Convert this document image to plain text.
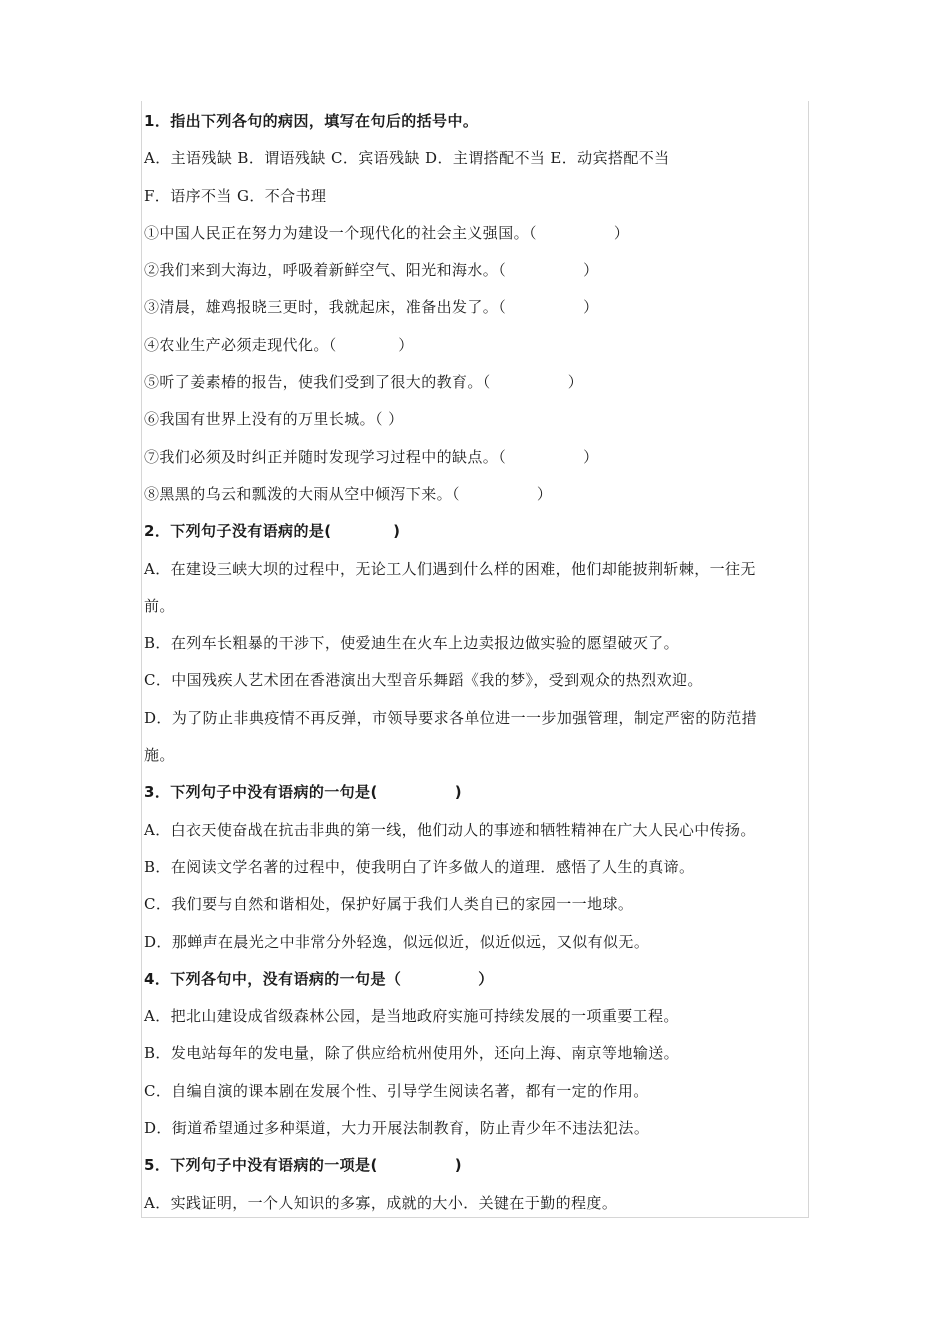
1．指出下列各句的病因，填写在句后的括号中。
A．主语残缺 B．谓语残缺 C．宾语残缺 D．主谓搭配不当 E．动宾搭配不当
F．语序不当 G．不合书理
①中国人民正在努力为建设一个现代化的社会主义强国。（　　　　　）
②我们来到大海边，呼吸着新鲜空气、阳光和海水。（　　　　　）
③清晨，雄鸡报晓三更时，我就起床，准备出发了。（　　　　　）
④农业生产必须走现代化。（　　　　）
⑤听了姜素椿的报告，使我们受到了很大的教育。（　　　　　）
⑥我国有世界上没有的万里长城。（ ）
⑦我们必须及时纠正并随时发现学习过程中的缺点。（　　　　　）
⑧黑黑的乌云和瓢泼的大雨从空中倾泻下来。（　　　　　）
2．下列句子没有语病的是(　　　　)
A．在建设三峡大坝的过程中，无论工人们遇到什么样的困难，他们却能披荆斩棘，一往无
前。
B．在列车长粗暴的干涉下，使爱迪生在火车上边卖报边做实验的愿望破灭了。
C．中国残疾人艺术团在香港演出大型音乐舞蹈《我的梦》，受到观众的热烈欢迎。
D．为了防止非典疫情不再反弹，市领导要求各单位进一一步加强管理，制定严密的防范措
施。
3．下列句子中没有语病的一句是(　　　　　)
A．白衣天使奋战在抗击非典的第一线，他们动人的事迹和牺牲精神在广大人民心中传扬。
B．在阅读文学名著的过程中，使我明白了许多做人的道理．感悟了人生的真谛。
C．我们要与自然和谐相处，保护好属于我们人类自已的家园一一地球。
D．那蝉声在晨光之中非常分外轻逸，似远似近，似近似远，又似有似无。
4．下列各句中，没有语病的一句是（　　　　　）
A．把北山建设成省级森林公园，是当地政府实施可持续发展的一项重要工程。
B．发电站每年的发电量，除了供应给杭州使用外，还向上海、南京等地输送。
C．自编自演的课本剧在发展个性、引导学生阅读名著，都有一定的作用。
D．街道希望通过多种渠道，大力开展法制教育，防止青少年不违法犯法。
5．下列句子中没有语病的一项是(　　　　　)
A．实践证明，一个人知识的多寡，成就的大小．关键在于勤的程度。
